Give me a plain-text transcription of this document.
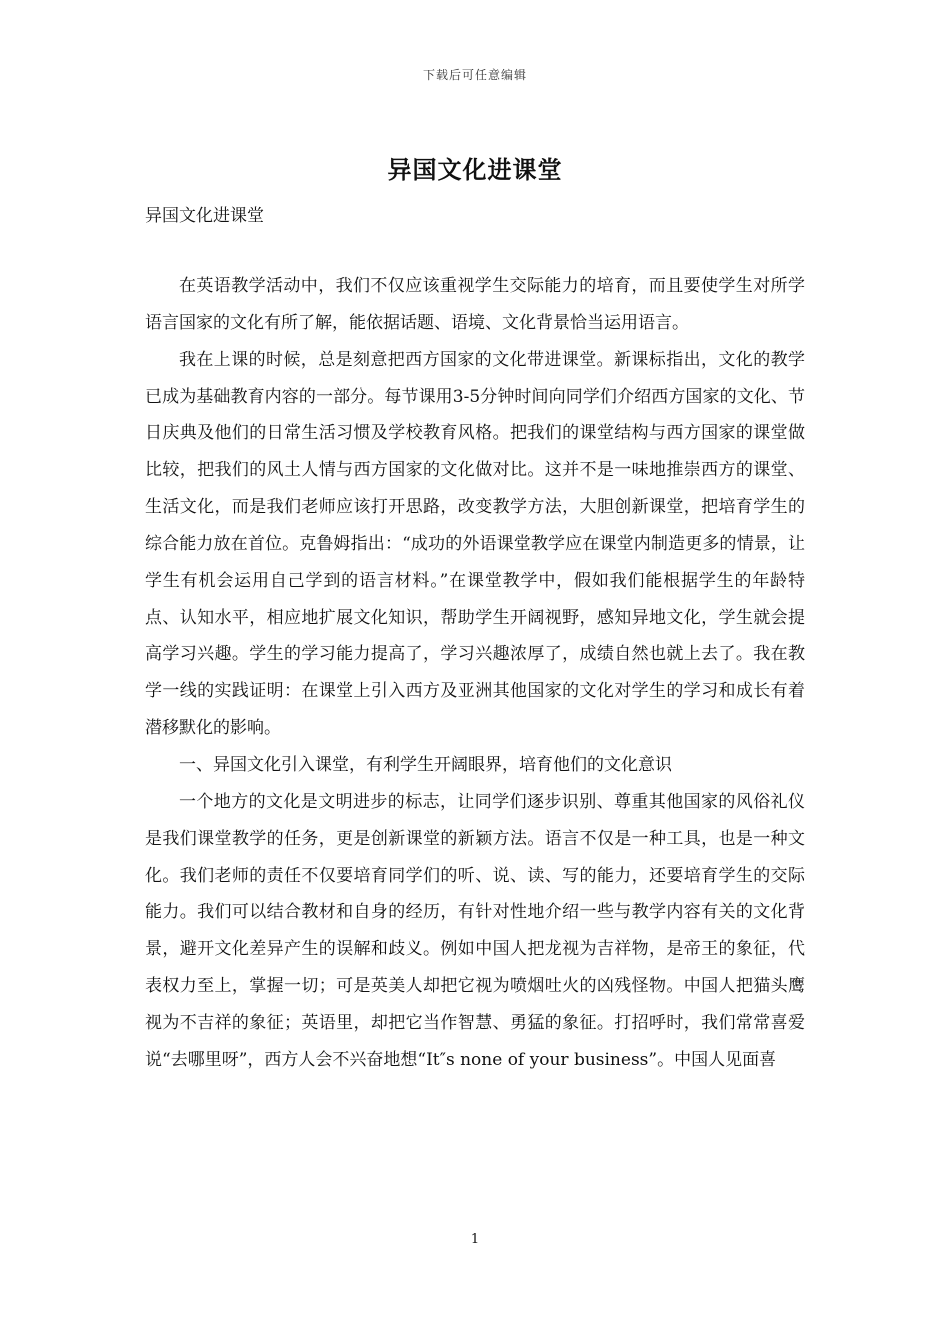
下载后可任意编辑
异国文化进课堂
异国文化进课堂

在英语教学活动中，我们不仅应该重视学生交际能力的培育，而且要使学生对所学语言国家的文化有所了解，能依据话题、语境、文化背景恰当运用语言。

我在上课的时候，总是刻意把西方国家的文化带进课堂。新课标指出，文化的教学已成为基础教育内容的一部分。每节课用3-5分钟时间向同学们介绍西方国家的文化、节日庆典及他们的日常生活习惯及学校教育风格。把我们的课堂结构与西方国家的课堂做比较，把我们的风土人情与西方国家的文化做对比。这并不是一味地推崇西方的课堂、生活文化，而是我们老师应该打开思路，改变教学方法，大胆创新课堂，把培育学生的综合能力放在首位。克鲁姆指出：“成功的外语课堂教学应在课堂内制造更多的情景，让学生有机会运用自己学到的语言材料。”在课堂教学中，假如我们能根据学生的年龄特点、认知水平，相应地扩展文化知识，帮助学生开阔视野，感知异地文化，学生就会提高学习兴趣。学生的学习能力提高了，学习兴趣浓厚了，成绩自然也就上去了。我在教学一线的实践证明：在课堂上引入西方及亚洲其他国家的文化对学生的学习和成长有着潜移默化的影响。

一、异国文化引入课堂，有利学生开阔眼界，培育他们的文化意识

一个地方的文化是文明进步的标志，让同学们逐步识别、尊重其他国家的风俗礼仪是我们课堂教学的任务，更是创新课堂的新颖方法。语言不仅是一种工具，也是一种文化。我们老师的责任不仅要培育同学们的听、说、读、写的能力，还要培育学生的交际能力。我们可以结合教材和自身的经历，有针对性地介绍一些与教学内容有关的文化背景，避开文化差异产生的误解和歧义。例如中国人把龙视为吉祥物，是帝王的象征，代表权力至上，掌握一切；可是英美人却把它视为喷烟吐火的凶残怪物。中国人把猫头鹰视为不吉祥的象征；英语里，却把它当作智慧、勇猛的象征。打招呼时，我们常常喜爱说“去哪里呀”，西方人会不兴奋地想“It″s none of your business”。中国人见面喜

1
